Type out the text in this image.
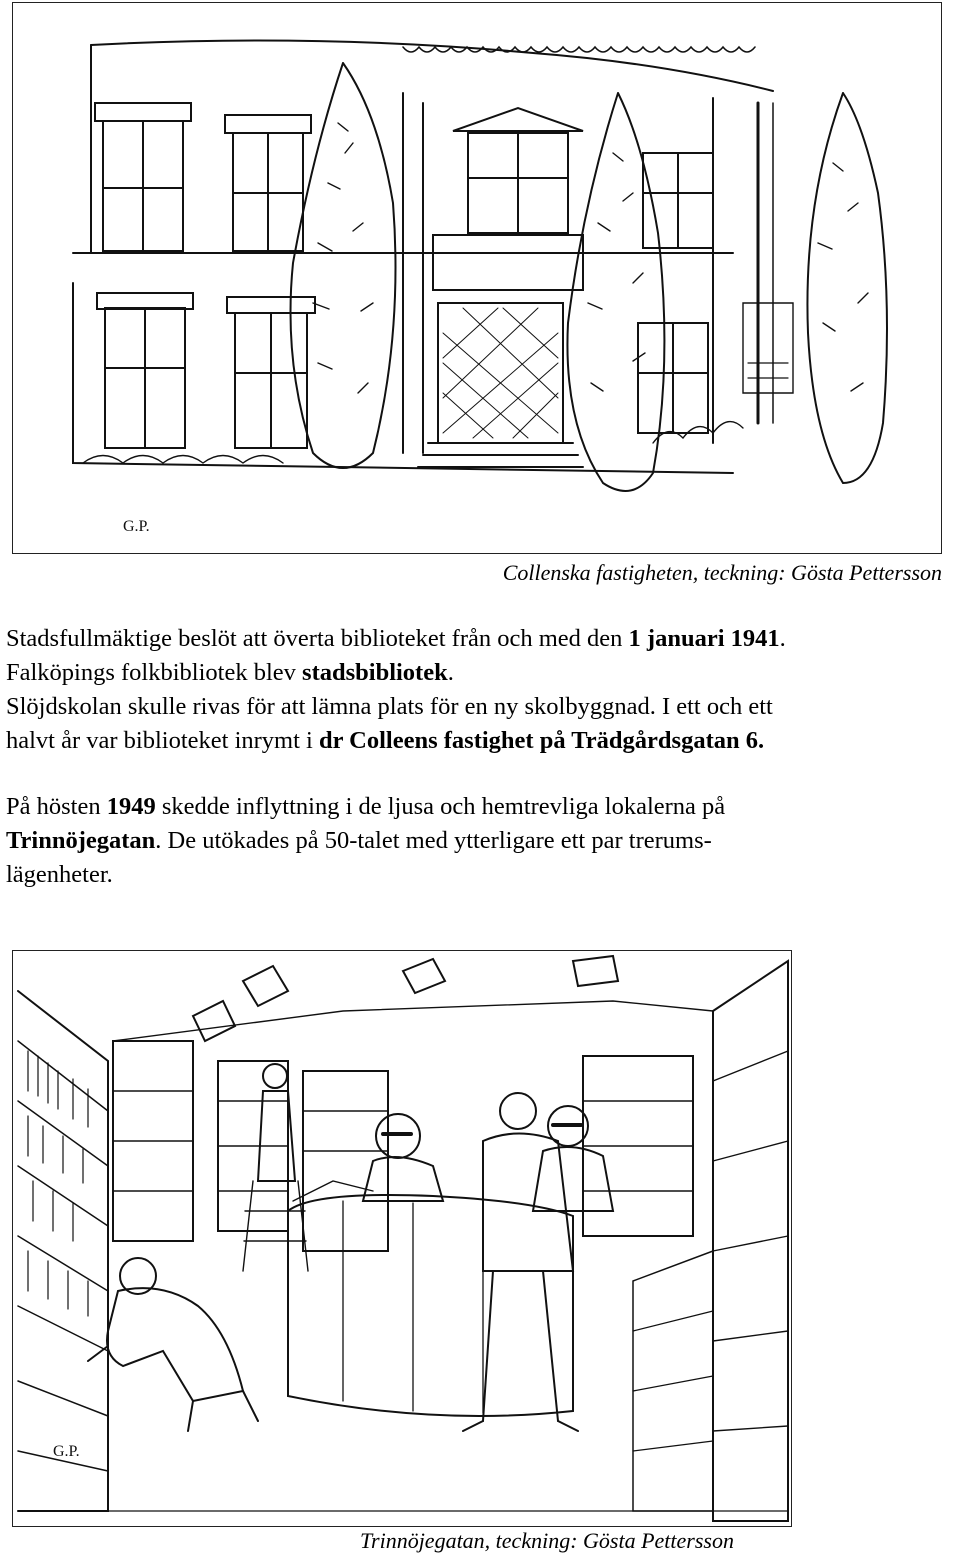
G.P.
Collenska fastigheten, teckning: Gösta Pettersson

Stadsfullmäktige beslöt att överta biblioteket från och med den 1 januari 1941.
Falköpings folkbibliotek blev stadsbibliotek.
Slöjdskolan skulle rivas för att lämna plats för en ny skolbyggnad. I ett och ett
halvt år var biblioteket inrymt i dr Colleens fastighet på Trädgårdsgatan 6.

På hösten 1949 skedde inflyttning i de ljusa och hemtrevliga lokalerna på
Trinnöjegatan. De utökades på 50-talet med ytterligare ett par trerums-
lägenheter.

G.P.
Trinnöjegatan, teckning: Gösta Pettersson
